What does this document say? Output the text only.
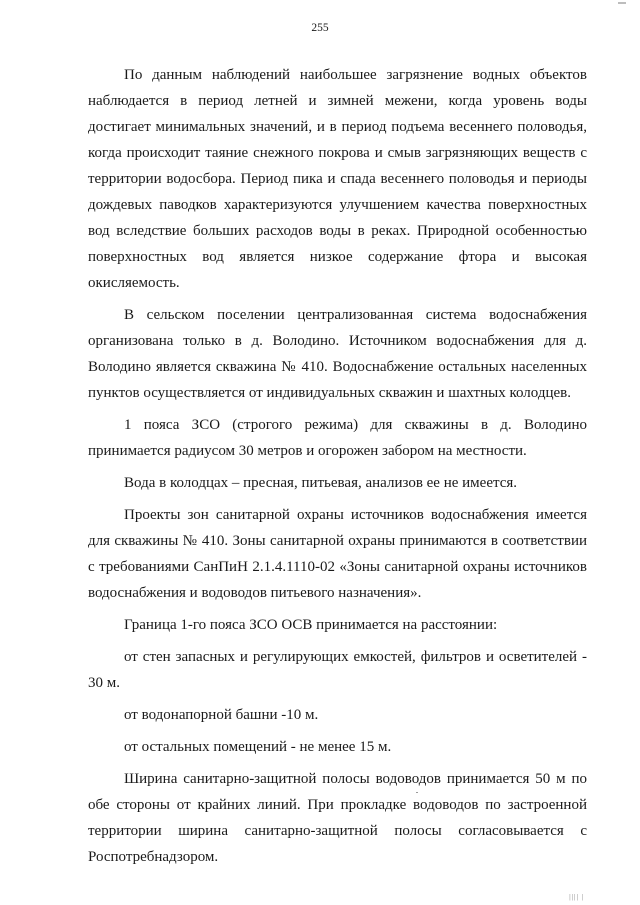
255

По данным наблюдений наибольшее загрязнение водных объектов наблюдается в период летней и зимней межени, когда уровень воды достигает минимальных значений, и в период подъема весеннего половодья, когда происходит таяние снежного покрова и смыв загрязняющих веществ с территории водосбора. Период пика и спада весеннего половодья и периоды дождевых паводков характеризуются улучшением качества поверхностных вод вследствие больших расходов воды в реках. Природной особенностью поверхностных вод является низкое содержание фтора и высокая окисляемость.

В сельском поселении централизованная система водоснабжения организована только в д. Володино. Источником водоснабжения для д. Володино является скважина № 410. Водоснабжение остальных населенных пунктов осуществляется от индивидуальных скважин и шахтных колодцев.

1 пояса ЗСО (строгого режима) для скважины в д. Володино принимается радиусом 30 метров и огорожен забором на местности.

Вода в колодцах – пресная, питьевая, анализов ее не имеется.

Проекты зон санитарной охраны источников водоснабжения имеется для скважины № 410. Зоны санитарной охраны принимаются в соответствии с требованиями СанПиН 2.1.4.1110-02 «Зоны санитарной охраны источников водоснабжения и водоводов питьевого назначения».

Граница 1-го пояса ЗСО ОСВ принимается на расстоянии:

от стен запасных и регулирующих емкостей, фильтров и осветителей - 30 м.

от водонапорной башни -10 м.

от остальных помещений - не менее 15 м.

Ширина санитарно-защитной полосы водоводов принимается 50 м по обе стороны от крайних линий. При прокладке водоводов по застроенной территории ширина санитарно-защитной полосы согласовывается с Роспотребнадзором.

|||| |
